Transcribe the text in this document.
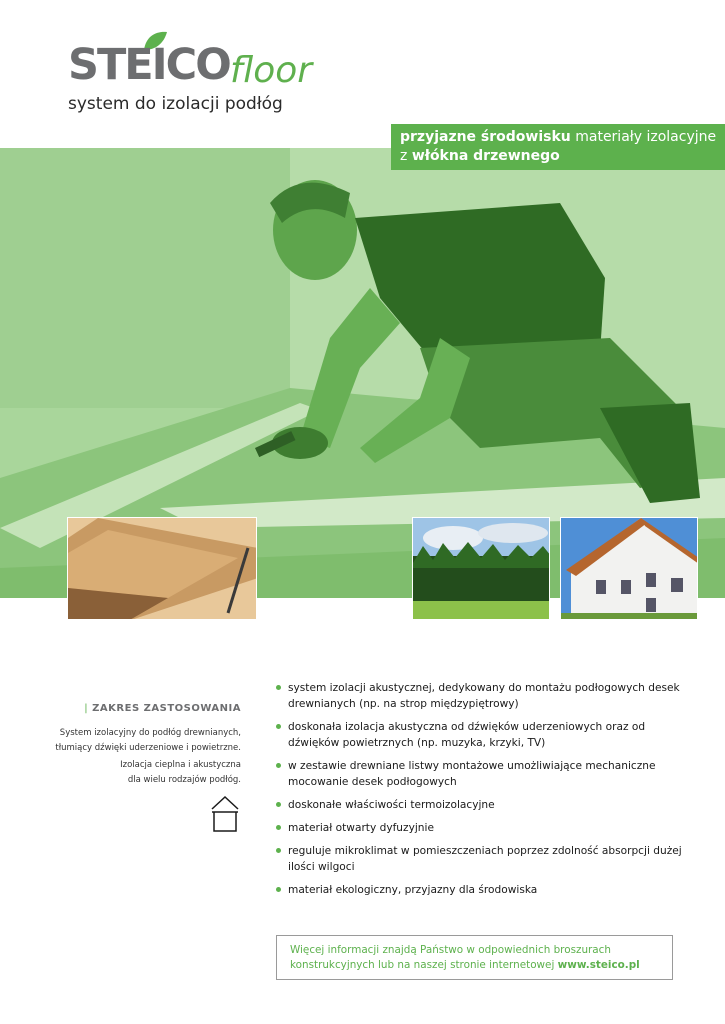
STEICO floor
system do izolacji podłóg
przyjazne środowisku materiały izolacyjne
z włókna drzewnego
| ZAKRES ZASTOSOWANIA
System izolacyjny do podłóg drewnianych,
tłumiący dźwięki uderzeniowe i powietrzne.
Izolacja cieplna i akustyczna
dla wielu rodzajów podłóg.
system izolacji akustycznej, dedykowany do montażu podłogowych desek drewnianych (np. na strop międzypiętrowy)
doskonała izolacja akustyczna od dźwięków uderzeniowych oraz od dźwięków powietrznych (np. muzyka, krzyki, TV)
w zestawie drewniane listwy montażowe umożliwiające mechaniczne mocowanie desek podłogowych
doskonałe właściwości termoizolacyjne
materiał otwarty dyfuzyjnie
reguluje mikroklimat w pomieszczeniach poprzez zdolność absorpcji dużej ilości wilgoci
materiał ekologiczny, przyjazny dla środowiska
Więcej informacji znajdą Państwo w odpowiednich broszurach
konstrukcyjnych lub na naszej stronie internetowej www.steico.pl
